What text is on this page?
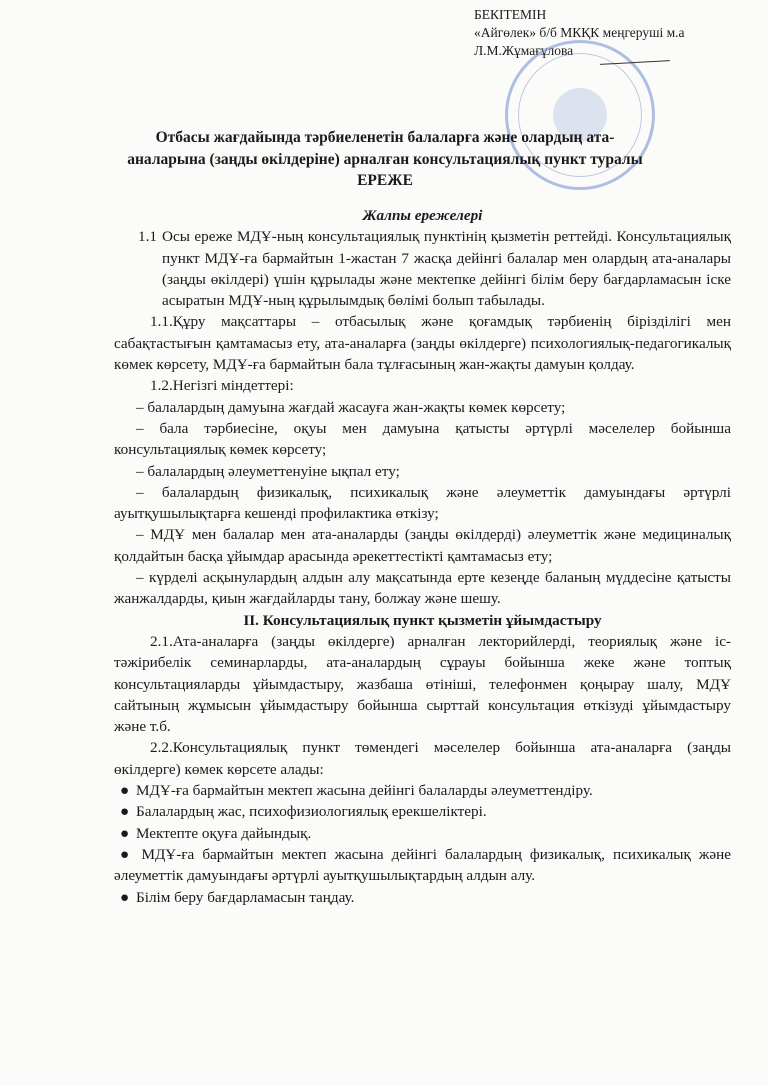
БЕКІТЕМІН
«Айгөлек» б/б МКҚК меңгеруші м.а
Л.М.Жұмағұлова
Отбасы жағдайында тәрбиеленетін балаларға және олардың ата-
аналарына (заңды өкілдеріне) арналған консультациялық пункт туралы
ЕРЕЖЕ
Жалпы ережелері
1.1 Осы ереже МДҰ-ның консультациялық пунктінің қызметін реттейді. Консультациялық пункт МДҰ-ға бармайтын 1-жастан 7 жасқа дейінгі балалар мен олардың ата-аналары (заңды өкілдері) үшін құрылады және мектепке дейінгі білім беру бағдарламасын іске асыратын МДҰ-ның құрылымдық бөлімі болып табылады.
1.1.Құру мақсаттары – отбасылық және қоғамдық тәрбиенің бірізділігі мен сабақтастығын қамтамасыз ету, ата-аналарға (заңды өкілдерге) психологиялық-педагогикалық көмек көрсету, МДҰ-ға бармайтын бала тұлғасының жан-жақты дамуын қолдау.
1.2.Негізгі міндеттері:
– балалардың дамуына жағдай жасауға жан-жақты көмек көрсету;
– бала тәрбиесіне, оқуы мен дамуына қатысты әртүрлі мәселелер бойынша консультациялық көмек көрсету;
– балалардың әлеуметтенуіне ықпал ету;
– балалардың физикалық, психикалық және әлеуметтік дамуындағы әртүрлі ауытқушылықтарға кешенді профилактика өткізу;
– МДҰ мен балалар мен ата-аналарды (заңды өкілдерді) әлеуметтік және медициналық қолдайтын басқа ұйымдар арасында әрекеттестікті қамтамасыз ету;
– күрделі асқынулардың алдын алу мақсатында ерте кезеңде баланың мүддесіне қатысты жанжалдарды, қиын жағдайларды тану, болжау және шешу.
ІІ. Консультациялық пункт қызметін ұйымдастыру
2.1.Ата-аналарға (заңды өкілдерге) арналған лекторийлерді, теориялық және іс-тәжірибелік семинарларды, ата-аналардың сұрауы бойынша жеке және топтық консультацияларды ұйымдастыру, жазбаша өтініші, телефонмен қоңырау шалу, МДҰ сайтының жұмысын ұйымдастыру бойынша сырттай консультация өткізуді ұйымдастыру және т.б.
2.2.Консультациялық пункт төмендегі мәселелер бойынша ата-аналарға (заңды өкілдерге) көмек көрсете алады:
● МДҰ-ға бармайтын мектеп жасына дейінгі балаларды әлеуметтендіру.
● Балалардың жас, психофизиологиялық ерекшеліктері.
● Мектепте оқуға дайындық.
● МДҰ-ға бармайтын мектеп жасына дейінгі балалардың физикалық, психикалық және әлеуметтік дамуындағы әртүрлі ауытқушылықтардың алдын алу.
● Білім беру бағдарламасын таңдау.
